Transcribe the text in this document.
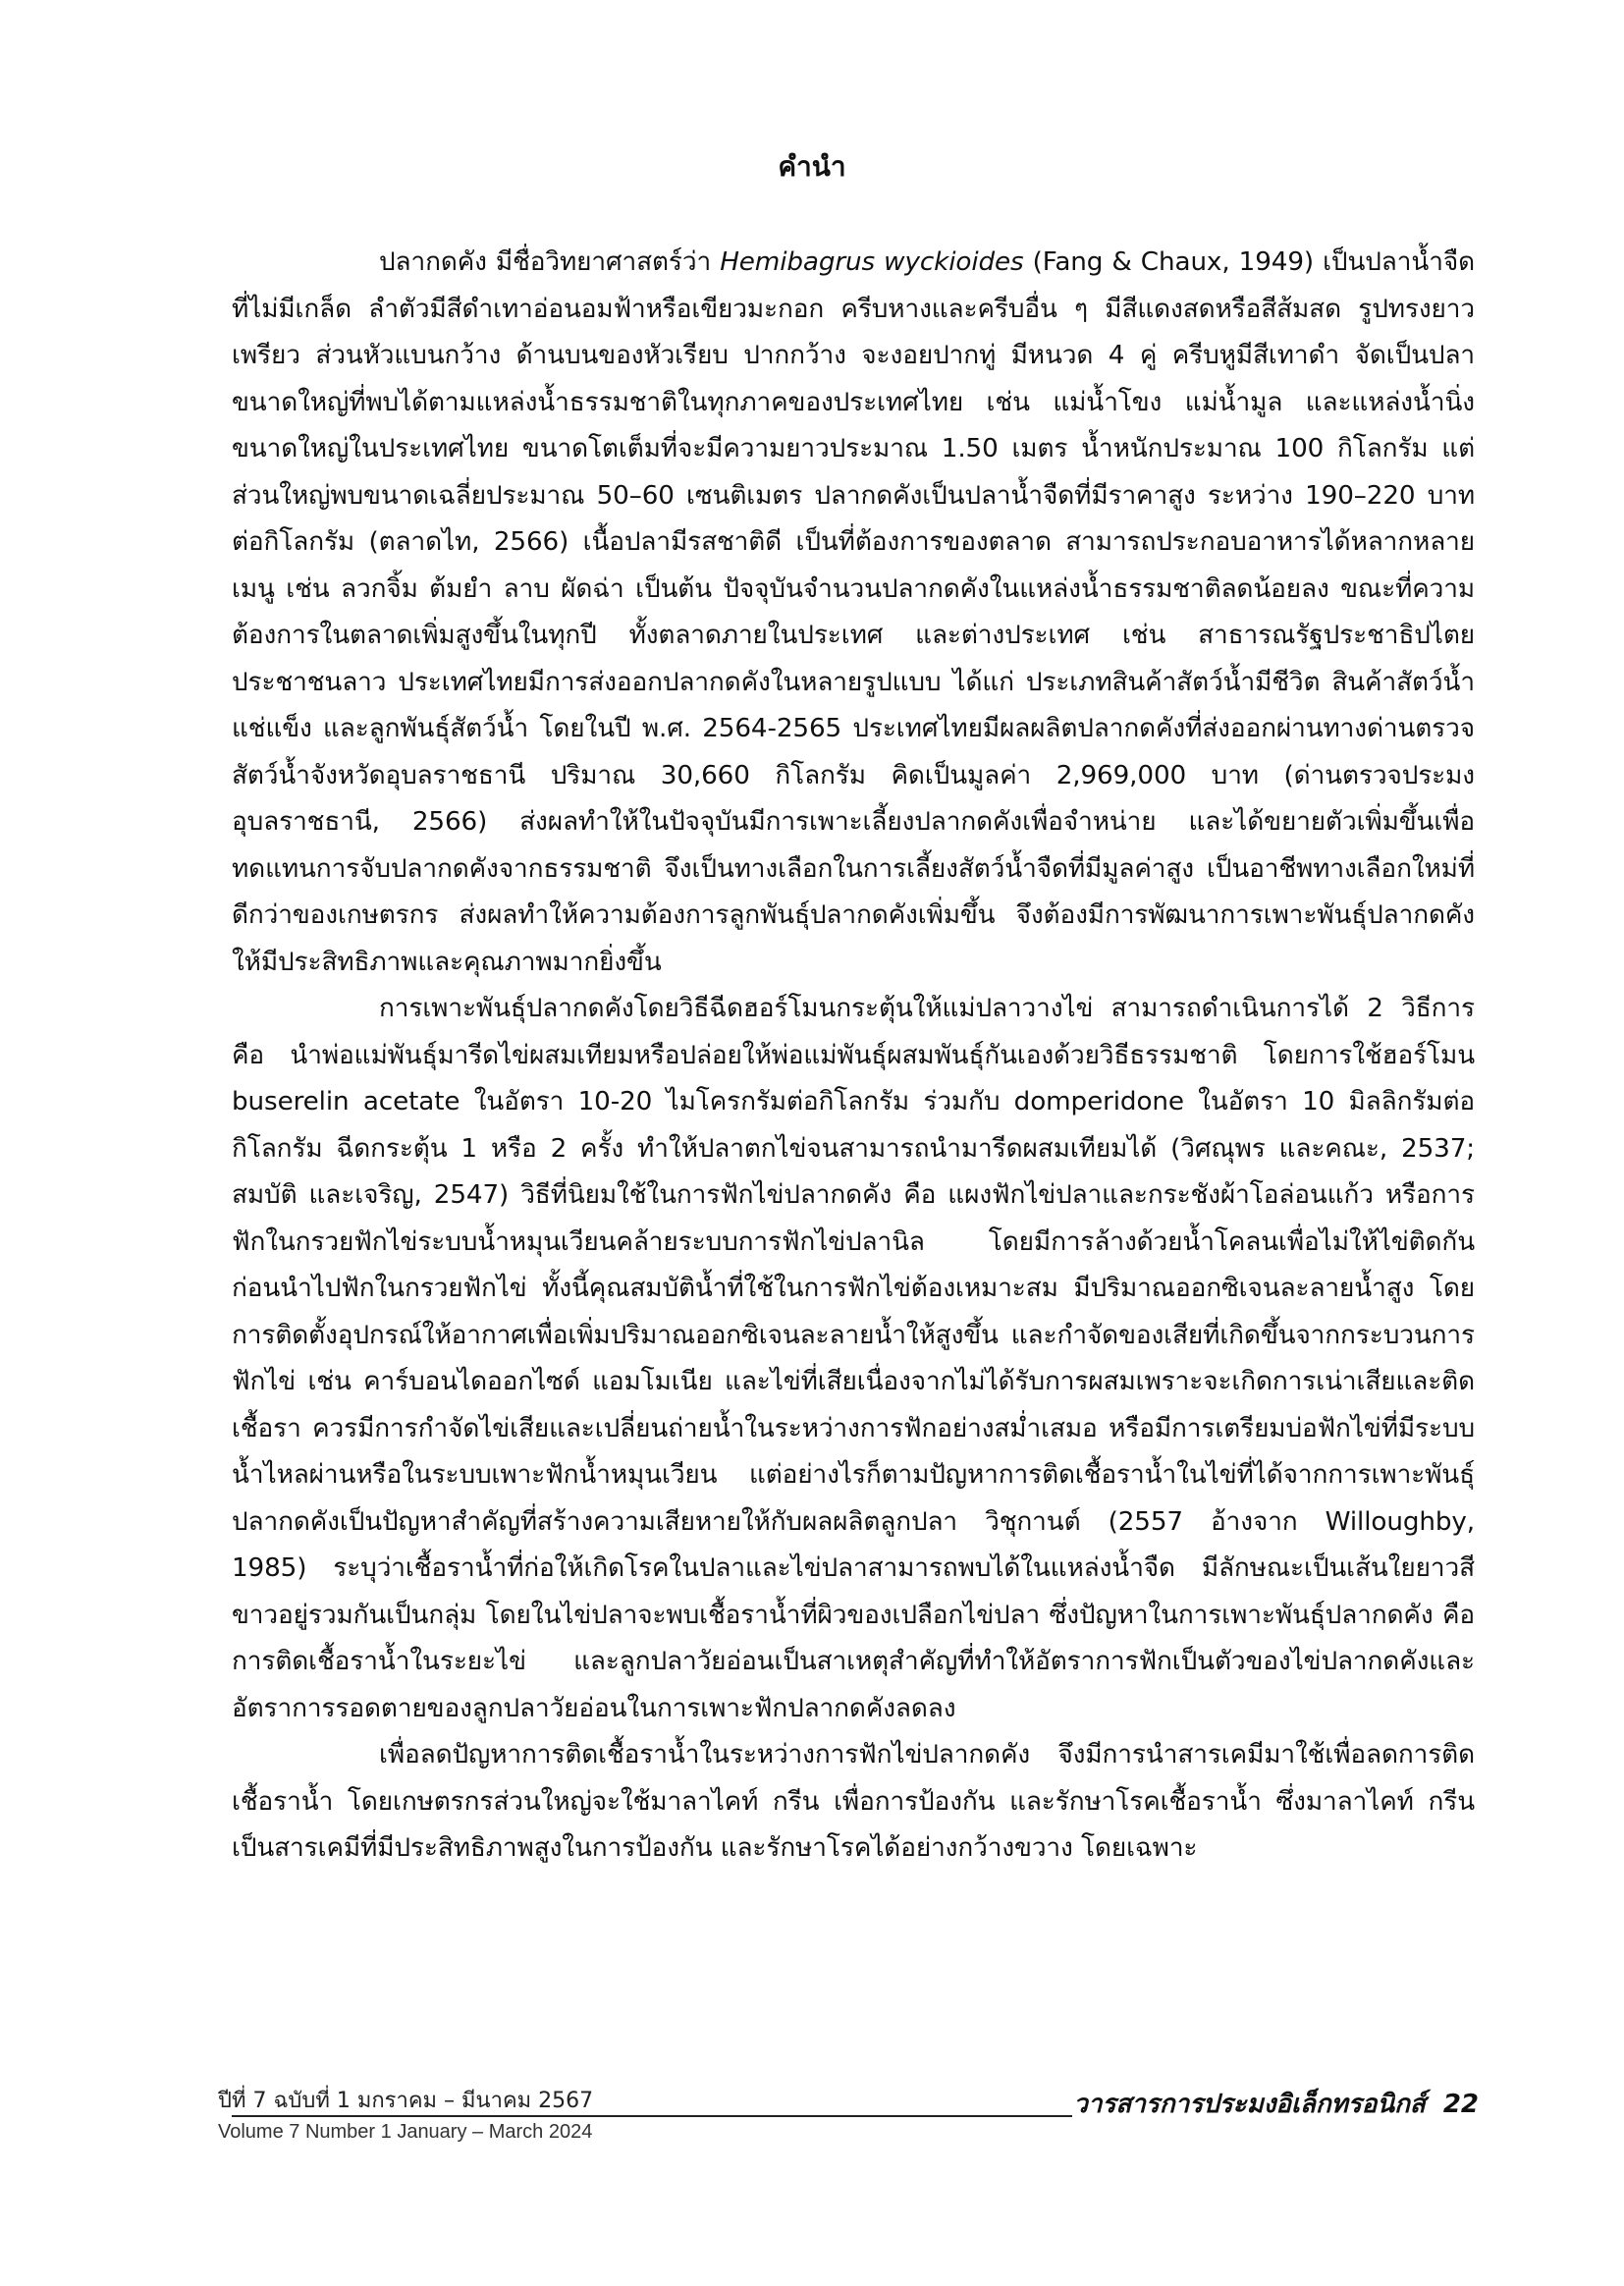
คำนำ

ปลากดคัง มีชื่อวิทยาศาสตร์ว่า Hemibagrus wyckioides (Fang & Chaux, 1949) เป็นปลาน้ำจืดที่ไม่มีเกล็ด ลำตัวมีสีดำเทาอ่อนอมฟ้าหรือเขียวมะกอก ครีบหางและครีบอื่น ๆ มีสีแดงสดหรือสีส้มสด รูปทรงยาวเพรียว ส่วนหัวแบนกว้าง ด้านบนของหัวเรียบ ปากกว้าง จะงอยปากทู่ มีหนวด 4 คู่ ครีบหูมีสีเทาดำ จัดเป็นปลาขนาดใหญ่ที่พบได้ตามแหล่งน้ำธรรมชาติในทุกภาคของประเทศไทย เช่น แม่น้ำโขง แม่น้ำมูล และแหล่งน้ำนิ่งขนาดใหญ่ในประเทศไทย ขนาดโตเต็มที่จะมีความยาวประมาณ 1.50 เมตร น้ำหนักประมาณ 100 กิโลกรัม แต่ส่วนใหญ่พบขนาดเฉลี่ยประมาณ 50–60 เซนติเมตร ปลากดคังเป็นปลาน้ำจืดที่มีราคาสูง ระหว่าง 190–220 บาทต่อกิโลกรัม (ตลาดไท, 2566) เนื้อปลามีรสชาติดี เป็นที่ต้องการของตลาด สามารถประกอบอาหารได้หลากหลายเมนู เช่น ลวกจิ้ม ต้มยำ ลาบ ผัดฉ่า เป็นต้น ปัจจุบันจำนวนปลากดคังในแหล่งน้ำธรรมชาติลดน้อยลง ขณะที่ความต้องการในตลาดเพิ่มสูงขึ้นในทุกปี ทั้งตลาดภายในประเทศ และต่างประเทศ เช่น สาธารณรัฐประชาธิปไตยประชาชนลาว ประเทศไทยมีการส่งออกปลากดคังในหลายรูปแบบ ได้แก่ ประเภทสินค้าสัตว์น้ำมีชีวิต สินค้าสัตว์น้ำแช่แข็ง และลูกพันธุ์สัตว์น้ำ โดยในปี พ.ศ. 2564-2565 ประเทศไทยมีผลผลิตปลากดคังที่ส่งออกผ่านทางด่านตรวจสัตว์น้ำจังหวัดอุบลราชธานี ปริมาณ 30,660 กิโลกรัม คิดเป็นมูลค่า 2,969,000 บาท (ด่านตรวจประมงอุบลราชธานี, 2566) ส่งผลทำให้ในปัจจุบันมีการเพาะเลี้ยงปลากดคังเพื่อจำหน่าย และได้ขยายตัวเพิ่มขึ้นเพื่อทดแทนการจับปลากดคังจากธรรมชาติ จึงเป็นทางเลือกในการเลี้ยงสัตว์น้ำจืดที่มีมูลค่าสูง เป็นอาชีพทางเลือกใหม่ที่ดีกว่าของเกษตรกร ส่งผลทำให้ความต้องการลูกพันธุ์ปลากดคังเพิ่มขึ้น จึงต้องมีการพัฒนาการเพาะพันธุ์ปลากดคังให้มีประสิทธิภาพและคุณภาพมากยิ่งขึ้น

การเพาะพันธุ์ปลากดคังโดยวิธีฉีดฮอร์โมนกระตุ้นให้แม่ปลาวางไข่ สามารถดำเนินการได้ 2 วิธีการ คือ นำพ่อแม่พันธุ์มารีดไข่ผสมเทียมหรือปล่อยให้พ่อแม่พันธุ์ผสมพันธุ์กันเองด้วยวิธีธรรมชาติ โดยการใช้ฮอร์โมน buserelin acetate ในอัตรา 10-20 ไมโครกรัมต่อกิโลกรัม ร่วมกับ domperidone ในอัตรา 10 มิลลิกรัมต่อกิโลกรัม ฉีดกระตุ้น 1 หรือ 2 ครั้ง ทำให้ปลาตกไข่จนสามารถนำมารีดผสมเทียมได้ (วิศณุพร และคณะ, 2537; สมบัติ และเจริญ, 2547) วิธีที่นิยมใช้ในการฟักไข่ปลากดคัง คือ แผงฟักไข่ปลาและกระชังผ้าโอล่อนแก้ว หรือการฟักในกรวยฟักไข่ระบบน้ำหมุนเวียนคล้ายระบบการฟักไข่ปลานิล โดยมีการล้างด้วยน้ำโคลนเพื่อไม่ให้ไข่ติดกัน ก่อนนำไปฟักในกรวยฟักไข่ ทั้งนี้คุณสมบัติน้ำที่ใช้ในการฟักไข่ต้องเหมาะสม มีปริมาณออกซิเจนละลายน้ำสูง โดยการติดตั้งอุปกรณ์ให้อากาศเพื่อเพิ่มปริมาณออกซิเจนละลายน้ำให้สูงขึ้น และกำจัดของเสียที่เกิดขึ้นจากกระบวนการฟักไข่ เช่น คาร์บอนไดออกไซด์ แอมโมเนีย และไข่ที่เสียเนื่องจากไม่ได้รับการผสมเพราะจะเกิดการเน่าเสียและติดเชื้อรา ควรมีการกำจัดไข่เสียและเปลี่ยนถ่ายน้ำในระหว่างการฟักอย่างสม่ำเสมอ หรือมีการเตรียมบ่อฟักไข่ที่มีระบบน้ำไหลผ่านหรือในระบบเพาะฟักน้ำหมุนเวียน แต่อย่างไรก็ตามปัญหาการติดเชื้อราน้ำในไข่ที่ได้จากการเพาะพันธุ์ปลากดคังเป็นปัญหาสำคัญที่สร้างความเสียหายให้กับผลผลิตลูกปลา วิชุกานต์ (2557 อ้างจาก Willoughby, 1985) ระบุว่าเชื้อราน้ำที่ก่อให้เกิดโรคในปลาและไข่ปลาสามารถพบได้ในแหล่งน้ำจืด มีลักษณะเป็นเส้นใยยาวสีขาวอยู่รวมกันเป็นกลุ่ม โดยในไข่ปลาจะพบเชื้อราน้ำที่ผิวของเปลือกไข่ปลา ซึ่งปัญหาในการเพาะพันธุ์ปลากดคัง คือ การติดเชื้อราน้ำในระยะไข่ และลูกปลาวัยอ่อนเป็นสาเหตุสำคัญที่ทำให้อัตราการฟักเป็นตัวของไข่ปลากดคังและอัตราการรอดตายของลูกปลาวัยอ่อนในการเพาะฟักปลากดคังลดลง

เพื่อลดปัญหาการติดเชื้อราน้ำในระหว่างการฟักไข่ปลากดคัง จึงมีการนำสารเคมีมาใช้เพื่อลดการติดเชื้อราน้ำ โดยเกษตรกรส่วนใหญ่จะใช้มาลาไคท์ กรีน เพื่อการป้องกัน และรักษาโรคเชื้อราน้ำ ซึ่งมาลาไคท์ กรีนเป็นสารเคมีที่มีประสิทธิภาพสูงในการป้องกัน และรักษาโรคได้อย่างกว้างขวาง โดยเฉพาะ

ปีที่ 7 ฉบับที่ 1 มกราคม – มีนาคม 2567
Volume 7 Number 1 January – March 2024
วารสารการประมงอิเล็กทรอนิกส์ 22
